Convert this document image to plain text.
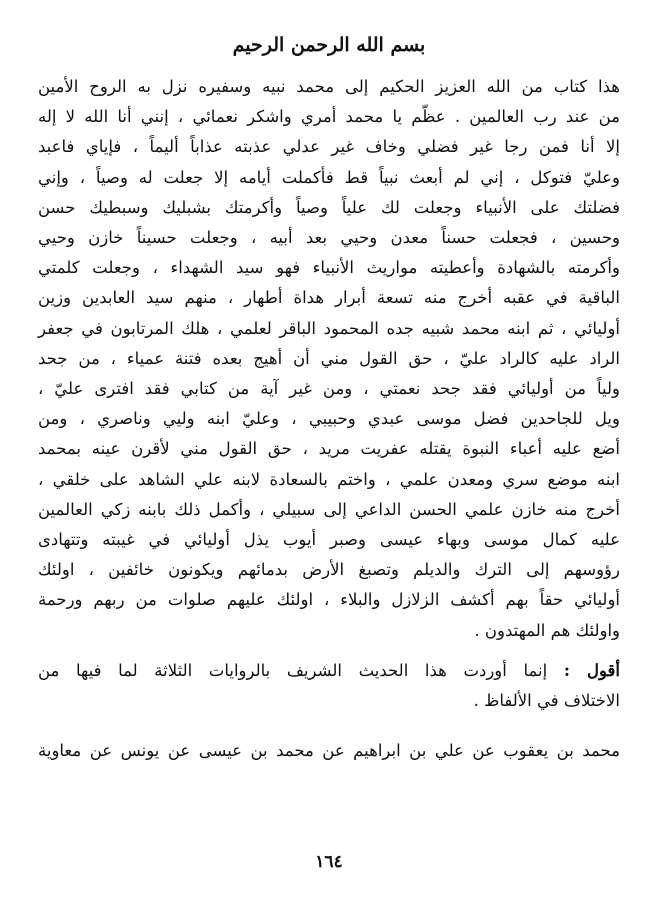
بسم الله الرحمن الرحيم
هذا كتاب من الله العزيز الحكيم إلى محمد نبيه وسفيره نزل به الروح الأمين
من عند رب العالمين . عظّم يا محمد أمري واشكر نعمائي ، إنني أنا الله لا إله
إلا أنا فمن رجا غير فضلي وخاف غير عدلي عذبته عذاباً أليماً ، فإياي فاعبد
وعليّ فتوكل ، إني لم أبعث نبياً قط فأكملت أيامه إلا جعلت له وصياً ، وإني
فضلتك على الأنبياء وجعلت لك علياً وصياً وأكرمتك بشبليك وسبطيك حسن
وحسين ، فجعلت حسناً معدن وحيي بعد أبيه ، وجعلت حسيناً خازن وحيي
وأكرمته بالشهادة وأعطيته مواريث الأنبياء فهو سيد الشهداء ، وجعلت كلمتي
الباقية في عقبه أخرج منه تسعة أبرار هداة أطهار ، منهم سيد العابدين وزين
أوليائي ، ثم ابنه محمد شبيه جده المحمود الباقر لعلمي ، هلك المرتابون في جعفر
الراد عليه كالراد عليّ ، حق القول مني أن أهيج بعده فتنة عمياء ، من جحد
ولياً من أوليائي فقد جحد نعمتي ، ومن غير آية من كتابي فقد افترى عليّ ،
ويل للجاحدين فضل موسى عبدي وحبيبي ، وعليّ ابنه وليي وناصري ، ومن
أضع عليه أعباء النبوة يقتله عفريت مريد ، حق القول مني لأقرن عينه بمحمد
ابنه موضع سري ومعدن علمي ، واختم بالسعادة لابنه علي الشاهد على خلقي ،
أخرج منه خازن علمي الحسن الداعي إلى سبيلي ، وأكمل ذلك بابنه زكي العالمين
عليه كمال موسى وبهاء عيسى وصبر أيوب يذل أوليائي في غيبته وتتهادى
رؤوسهم إلى الترك والديلم وتصبغ الأرض بدمائهم ويكونون خائفين ، اولئك
أوليائي حقاً بهم أكشف الزلازل والبلاء ، اولئك عليهم صلوات من ربهم ورحمة
واولئك هم المهتدون .
أقول : إنما أوردت هذا الحديث الشريف بالروايات الثلاثة لما فيها من
الاختلاف في الألفاظ .
محمد بن يعقوب عن علي بن ابراهيم عن محمد بن عيسى عن يونس عن معاوية
١٦٤
